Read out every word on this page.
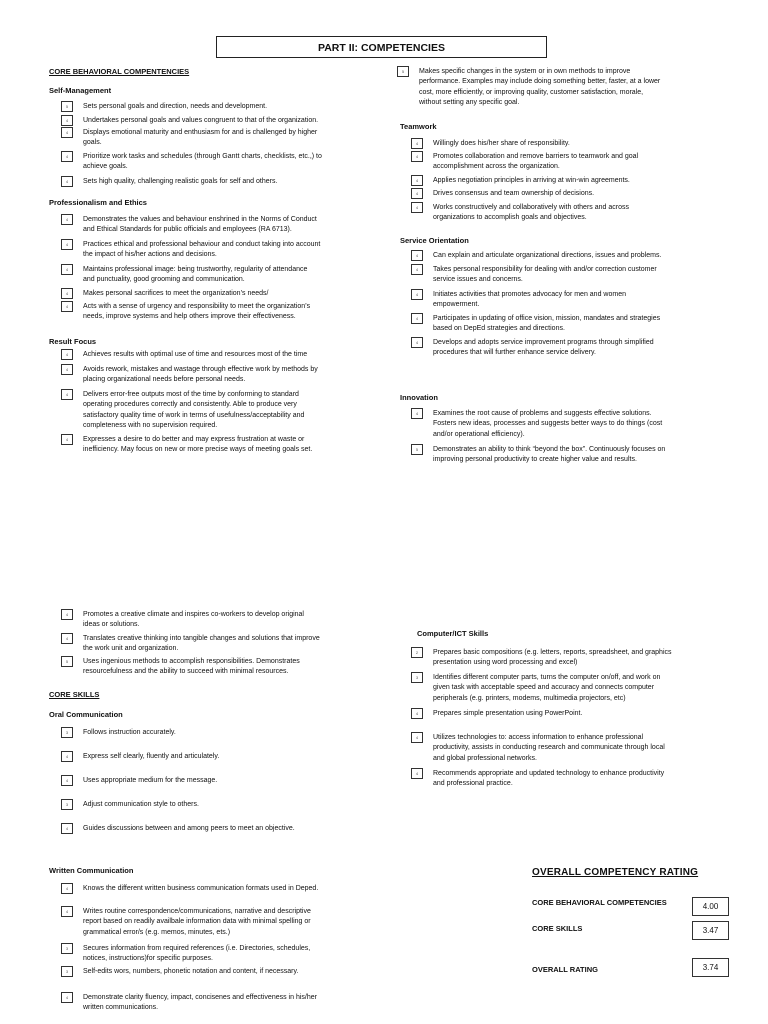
PART II: COMPETENCIES
CORE BEHAVIORAL COMPENTENCIES
Self-Management
5	Sets personal goals and direction, needs and development.
4	Undertakes personal goals and values congruent to that of the organization.
4	Displays emotional maturity and enthusiasm for and is challenged by higher
goals.
4	Prioritize work tasks and schedules (through Gantt charts, checklists, etc.,) to
achieve goals.
4	Sets high quality, challenging realistic goals for self and others.
Professionalism and Ethics
4	Demonstrates the values and behaviour enshrined in the Norms of Conduct
and Ethical Standards for public officials and employees (RA 6713).
4	Practices ethical and professional behaviour and conduct taking into account
the impact of his/her actions and decisions.
4	Maintains professional image: being trustworthy, regularity of attendance
and punctuality, good grooming and communication.
4	Makes personal sacrifices to meet the organization’s needs/
4	Acts with a sense of urgency and responsibility to meet the organization’s
needs, improve systems and help others improve their effectiveness.
Result Focus
4	Achieves results with optimal use of time and resources most of the time
4	Avoids rework, mistakes and wastage through effective work by methods by
placing organizational needs before personal needs.
4	Delivers error-free outputs most of the time by conforming to standard
operating procedures correctly and consistently. Able to produce very
satisfactory quality time of work in terms of usefulness/acceptability and
completeness with no supervision required.
4	Expresses a desire to do better and may express frustration at waste or
inefficiency. May focus on new or more precise ways of meeting goals set.
5	Makes specific changes in the system or in own methods to improve
performance. Examples may include doing something better, faster, at a lower
cost, more efficiently, or improving quality, customer satisfaction, morale,
without setting any specific goal.
Teamwork
4	Willingly does his/her share of responsibility.
4	Promotes collaboration and remove barriers to teamwork and goal
accomplishment across the organization.
4	Applies negotiation principles in arriving at win-win agreements.
4	Drives consensus and team ownership of decisions.
4	Works constructively and collaboratively with others and across
organizations to accomplish goals and objectives.
Service Orientation
4	Can explain and articulate organizational directions, issues and problems.
4	Takes personal responsibility for dealing with and/or correction customer
service issues and concerns.
4	Initiates activities that promotes advocacy for men and women
empowerment.
4	Participates in updating of office vision, mission, mandates and strategies
based on DepEd strategies and directions.
4	Develops and adopts service improvement programs through simplified
procedures that will further enhance service delivery.
Innovation
4	Examines the root cause of problems and suggests effective solutions.
Fosters new ideas, processes and suggests better ways to do things (cost
and/or operational efficiency).
5	Demonstrates an ability to think “beyond the box”. Continuously focuses on
improving personal productivity to create higher value and results.
4	Promotes a creative climate and inspires co-workers to develop original
ideas or solutions.
4	Translates creative thinking into tangible changes and solutions that improve
the work unit and organization.
5	Uses ingenious methods to accomplish responsibilities. Demonstrates
resourcefulness and the ability to succeed with minimal resources.
CORE SKILLS
Oral Communication
3	Follows instruction accurately.
4	Express self clearly, fluently and articulately.
4	Uses appropriate medium for the message.
3	Adjust communication style to others.
4	Guides discussions between and among peers to meet an objective.
Written Communication
4	Knows the different written business communication formats used in Deped.
4	Writes routine correspondence/communications, narrative and descriptive
report based on readily availbale information data with minimal spelling or
grammatical error/s (e.g. memos, minutes, ets.)
3	Secures information from required references (i.e. Directories, schedules,
notices, instructions)for specific purposes.
3	Self-edits wors, numbers, phonetic notation and content, if necessary.
4	Demonstrate clarity fluency, impact, concisenes and effectiveness in his/her
written communications.
Computer/ICT Skills
2	Prepares basic compositions (e.g. letters, reports, spreadsheet, and graphics
presentation using word processing and excel)
3	Identifies different computer parts, turns the computer on/off, and work on
given task with acceptable speed and accuracy and connects computer
peripherals (e.g. printers, modems, multimedia projectors, etc)
4	Prepares simple presentation using PowerPoint.
4	Utilizes technologies to: access information to enhance professional
productivity, assists in conducting research and communicate through local
and global professional networks.
4	Recommends appropriate and updated technology to enhance productivity
and professional practice.
OVERALL COMPETENCY RATING
CORE BEHAVIORAL COMPETENCIES	4.00
CORE SKILLS	3.47
OVERALL RATING	3.74
